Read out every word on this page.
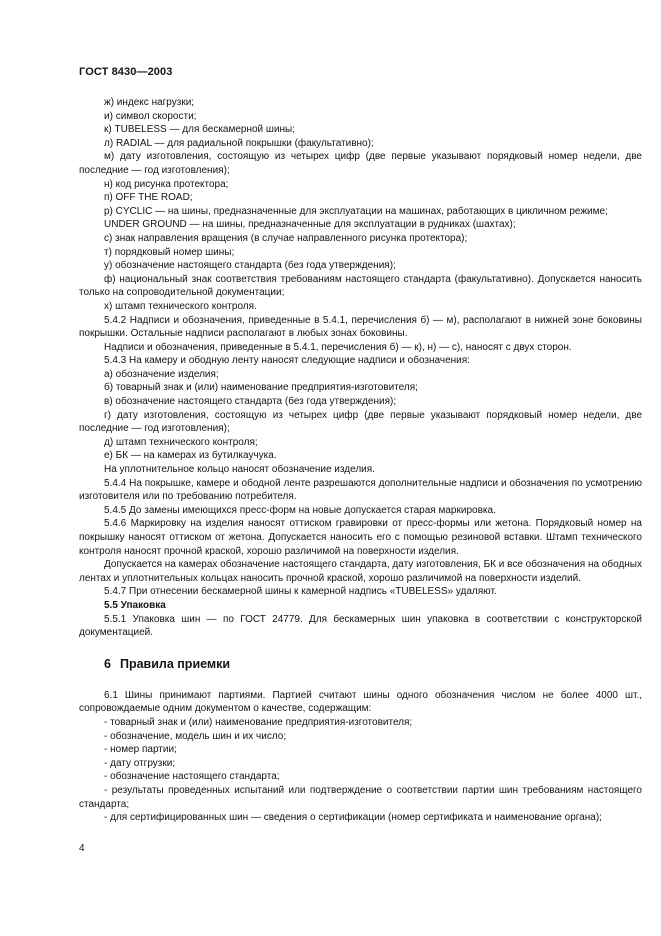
ГОСТ 8430—2003

ж) индекс нагрузки;

и) символ скорости;

к) TUBELESS — для бескамерной шины;

л) RADIAL — для радиальной покрышки (факультативно);

м) дату изготовления, состоящую из четырех цифр (две первые указывают порядковый номер недели, две последние — год изготовления);

н) код рисунка протектора;

п) OFF THE ROAD;

р) CYCLIC — на шины, предназначенные для эксплуатации на машинах, работающих в цикличном режиме;

UNDER GROUND — на шины, предназначенные для эксплуатации в рудниках (шахтах);

с) знак направления вращения (в случае направленного рисунка протектора);

т) порядковый номер шины;

у) обозначение настоящего стандарта (без года утверждения);

ф) национальный знак соответствия требованиям настоящего стандарта (факультативно). Допускается наносить только на сопроводительной документации;

х) штамп технического контроля.

5.4.2 Надписи и обозначения, приведенные в 5.4.1, перечисления б) — м), располагают в нижней зоне боковины покрышки. Остальные надписи располагают в любых зонах боковины.

Надписи и обозначения, приведенные в 5.4.1, перечисления б) — к), н) — с), наносят с двух сторон.

5.4.3 На камеру и ободную ленту наносят следующие надписи и обозначения:

а) обозначение изделия;

б) товарный знак и (или) наименование предприятия-изготовителя;

в) обозначение настоящего стандарта (без года утверждения);

г) дату изготовления, состоящую из четырех цифр (две первые указывают порядковый номер недели, две последние — год изготовления);

д) штамп технического контроля;

е) БК — на камерах из бутилкаучука.

На уплотнительное кольцо наносят обозначение изделия.

5.4.4 На покрышке, камере и ободной ленте разрешаются дополнительные надписи и обозначения по усмотрению изготовителя или по требованию потребителя.

5.4.5 До замены имеющихся пресс-форм на новые допускается старая маркировка.

5.4.6 Маркировку на изделия наносят оттиском гравировки от пресс-формы или жетона. Порядковый номер на покрышку наносят оттиском от жетона. Допускается наносить его с помощью резиновой вставки. Штамп технического контроля наносят прочной краской, хорошо различимой на поверхности изделия.

Допускается на камерах обозначение настоящего стандарта, дату изготовления, БК и все обозначения на ободных лентах и уплотнительных кольцах наносить прочной краской, хорошо различимой на поверхности изделий.

5.4.7 При отнесении бескамерной шины к камерной надпись «TUBELESS» удаляют.

5.5 Упаковка

5.5.1 Упаковка шин — по ГОСТ 24779. Для бескамерных шин упаковка в соответствии с конструкторской документацией.

6 Правила приемки

6.1 Шины принимают партиями. Партией считают шины одного обозначения числом не более 4000 шт., сопровождаемые одним документом о качестве, содержащим:

- товарный знак и (или) наименование предприятия-изготовителя;

- обозначение, модель шин и их число;

- номер партии;

- дату отгрузки;

- обозначение настоящего стандарта;

- результаты проведенных испытаний или подтверждение о соответствии партии шин требованиям настоящего стандарта;

- для сертифицированных шин — сведения о сертификации (номер сертификата и наименование органа);

4
